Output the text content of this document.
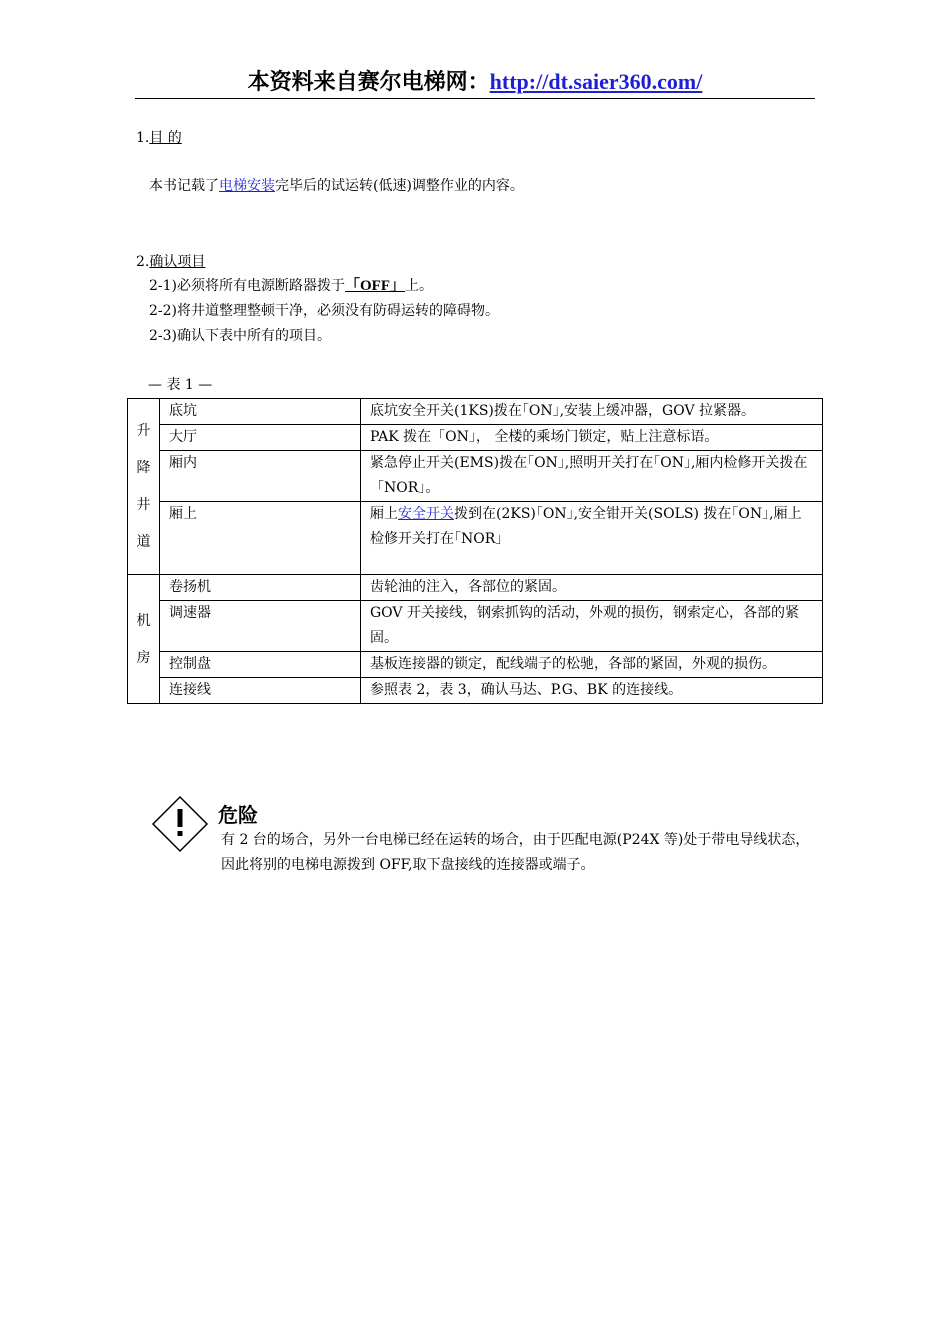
本资料来自赛尔电梯网：http://dt.saier360.com/
1.目 的
本书记载了电梯安装完毕后的试运转(低速)调整作业的内容。
2.确认项目
2-1)必须将所有电源断路器拨于「OFF」上。
2-2)将井道整理整顿干净，必须没有防碍运转的障碍物。
2-3)确认下表中所有的项目。
— 表 1 —
升
降
井
道	底坑	底坑安全开关(1KS)拨在｢ON｣,安装上缓冲器，GOV 拉紧器。
	大厅	PAK 拨在「ON」， 全楼的乘场门锁定，贴上注意标语。
	厢内	紧急停止开关(EMS)拨在｢ON｣,照明开关打在｢ON｣,厢内检修开关拨在「NOR」。
	厢上	厢上安全开关拨到在(2KS)｢ON｣,安全钳开关(SOLS) 拨在｢ON｣,厢上检修开关打在｢NOR｣

机
房	卷扬机	齿轮油的注入，各部位的紧固。
	调速器	GOV 开关接线，钢索抓钩的活动，外观的损伤，钢索定心，各部的紧固。
	控制盘	基板连接器的锁定，配线端子的松驰，各部的紧固，外观的损伤。
	连接线	参照表 2，表 3，确认马达、P.G、BK 的连接线。
危险
有 2 台的场合，另外一台电梯已经在运转的场合，由于匹配电源(P24X 等)处于带电导线状态，因此将别的电梯电源拨到 OFF,取下盘接线的连接器或端子。
